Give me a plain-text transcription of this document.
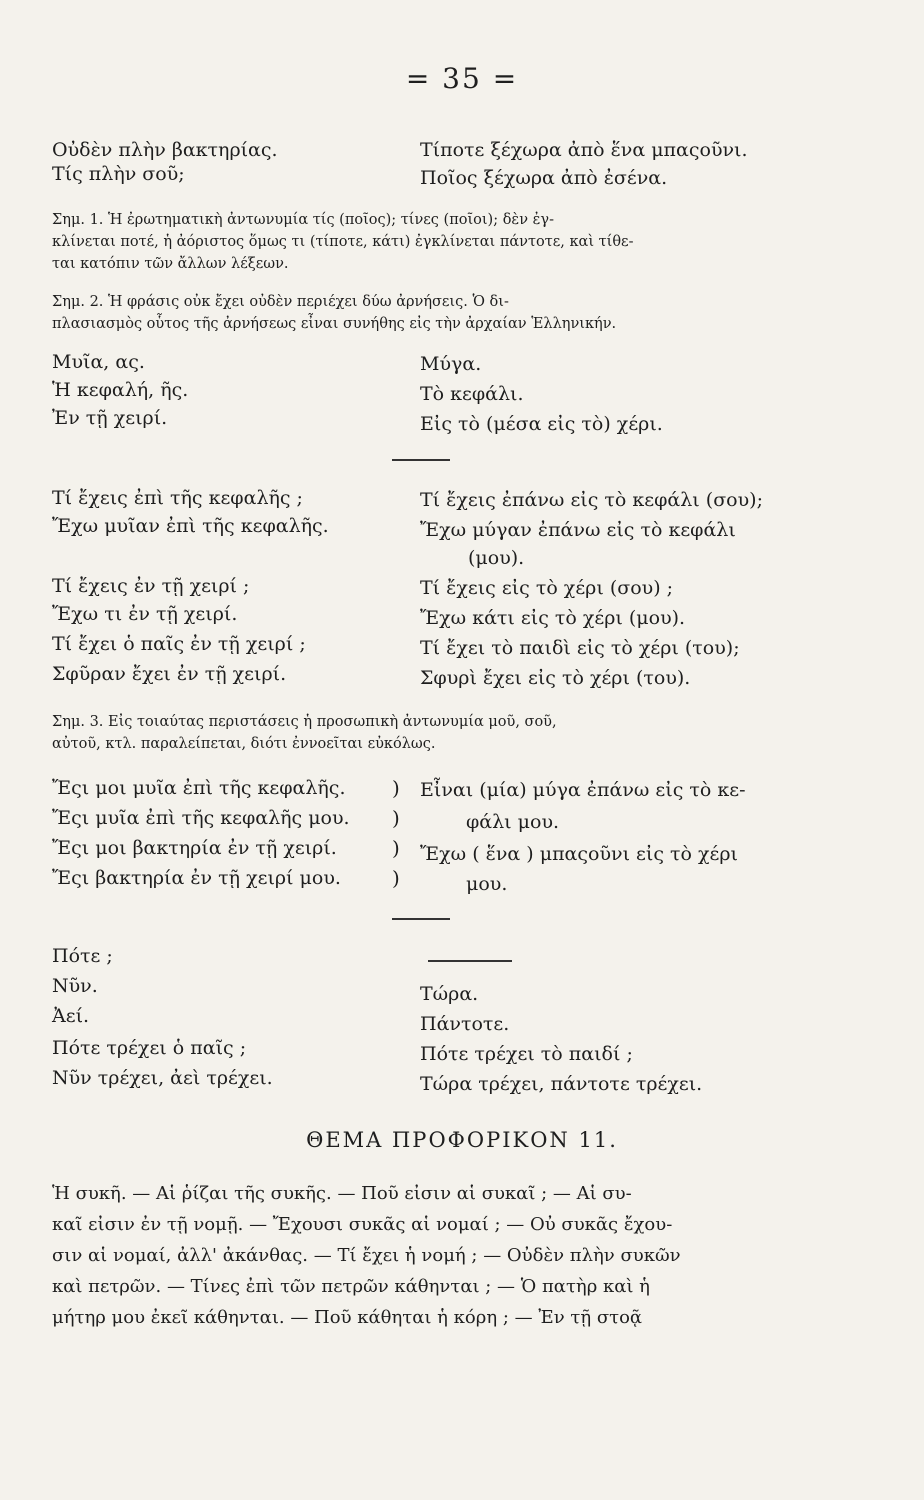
= 35 =
Οὐδὲν πλὴν βακτηρίας.
Τίς πλὴν σοῦ;
Τίποτε ξέχωρα ἀπὸ ἕνα μπαςοῦνι.
Ποῖος ξέχωρα ἀπὸ ἐσένα.
Σημ. 1. Ἡ ἐρωτηματικὴ ἀντωνυμία τίς (ποῖος); τίνες (ποῖοι); δὲν ἐγ-
κλίνεται ποτέ, ἡ ἀόριστος ὅμως τι (τίποτε, κάτι) ἐγκλίνεται πάντοτε, καὶ τίθε-
ται κατόπιν τῶν ἄλλων λέξεων.
Σημ. 2. Ἡ φράσις οὐκ ἔχει οὐδὲν περιέχει δύω ἀρνήσεις. Ὁ δι-
πλασιασμὸς οὗτος τῆς ἀρνήσεως εἶναι συνήθης εἰς τὴν ἀρχαίαν Ἑλληνικήν.
Μυῖα, ας.
Ἡ κεφαλή, ῆς.
Ἐν τῇ χειρί.
Μύγα.
Τὸ κεφάλι.
Εἰς τὸ (μέσα εἰς τὸ) χέρι.
Τί ἔχεις ἐπὶ τῆς κεφαλῆς ;
Ἔχω μυῖαν ἐπὶ τῆς κεφαλῆς.
Τί ἔχεις ἐν τῇ χειρί ;
Ἔχω τι ἐν τῇ χειρί.
Τί ἔχει ὁ παῖς ἐν τῇ χειρί ;
Σφῦραν ἔχει ἐν τῇ χειρί.
Τί ἔχεις ἐπάνω εἰς τὸ κεφάλι (σου);
Ἔχω μύγαν ἐπάνω εἰς τὸ κεφάλι
(μου).
Τί ἔχεις εἰς τὸ χέρι (σου) ;
Ἔχω κάτι εἰς τὸ χέρι (μου).
Τί ἔχει τὸ παιδὶ εἰς τὸ χέρι (του);
Σφυρὶ ἔχει εἰς τὸ χέρι (του).
Σημ. 3. Εἰς τοιαύτας περιστάσεις ἡ προσωπικὴ ἀντωνυμία μοῦ, σοῦ,
αὐτοῦ, κτλ. παραλείπεται, διότι ἐννοεῖται εὐκόλως.
Ἔςι μοι μυῖα ἐπὶ τῆς κεφαλῆς.
Ἔςι μυῖα ἐπὶ τῆς κεφαλῆς μου.
Ἔςι μοι βακτηρία ἐν τῇ χειρί.
Ἔςι βακτηρία ἐν τῇ χειρί μου.
)
)
)
)
Εἶναι (μία) μύγα ἐπάνω εἰς τὸ κε-
φάλι μου.
Ἔχω ( ἕνα ) μπαςοῦνι εἰς τὸ χέρι
μου.
Πότε ;
Νῦν.
Ἀεί.
Πότε τρέχει ὁ παῖς ;
Νῦν τρέχει, ἀεὶ τρέχει.
Τώρα.
Πάντοτε.
Πότε τρέχει τὸ παιδί ;
Τώρα τρέχει, πάντοτε τρέχει.
ΘΕΜΑ ΠΡΟΦΟΡΙΚΟΝ 11.
Ἡ συκῆ. — Αἱ ῥίζαι τῆς συκῆς. — Ποῦ εἰσιν αἱ συκαῖ ; — Αἱ συ-
καῖ εἰσιν ἐν τῇ νομῇ. — Ἔχουσι συκᾶς αἱ νομαί ; — Οὐ συκᾶς ἔχου-
σιν αἱ νομαί, ἀλλ' ἀκάνθας. — Τί ἔχει ἡ νομή ; — Οὐδὲν πλὴν συκῶν
καὶ πετρῶν. — Τίνες ἐπὶ τῶν πετρῶν κάθηνται ; — Ὁ πατὴρ καὶ ἡ
μήτηρ μου ἐκεῖ κάθηνται. — Ποῦ κάθηται ἡ κόρη ; — Ἐν τῇ στοᾷ
